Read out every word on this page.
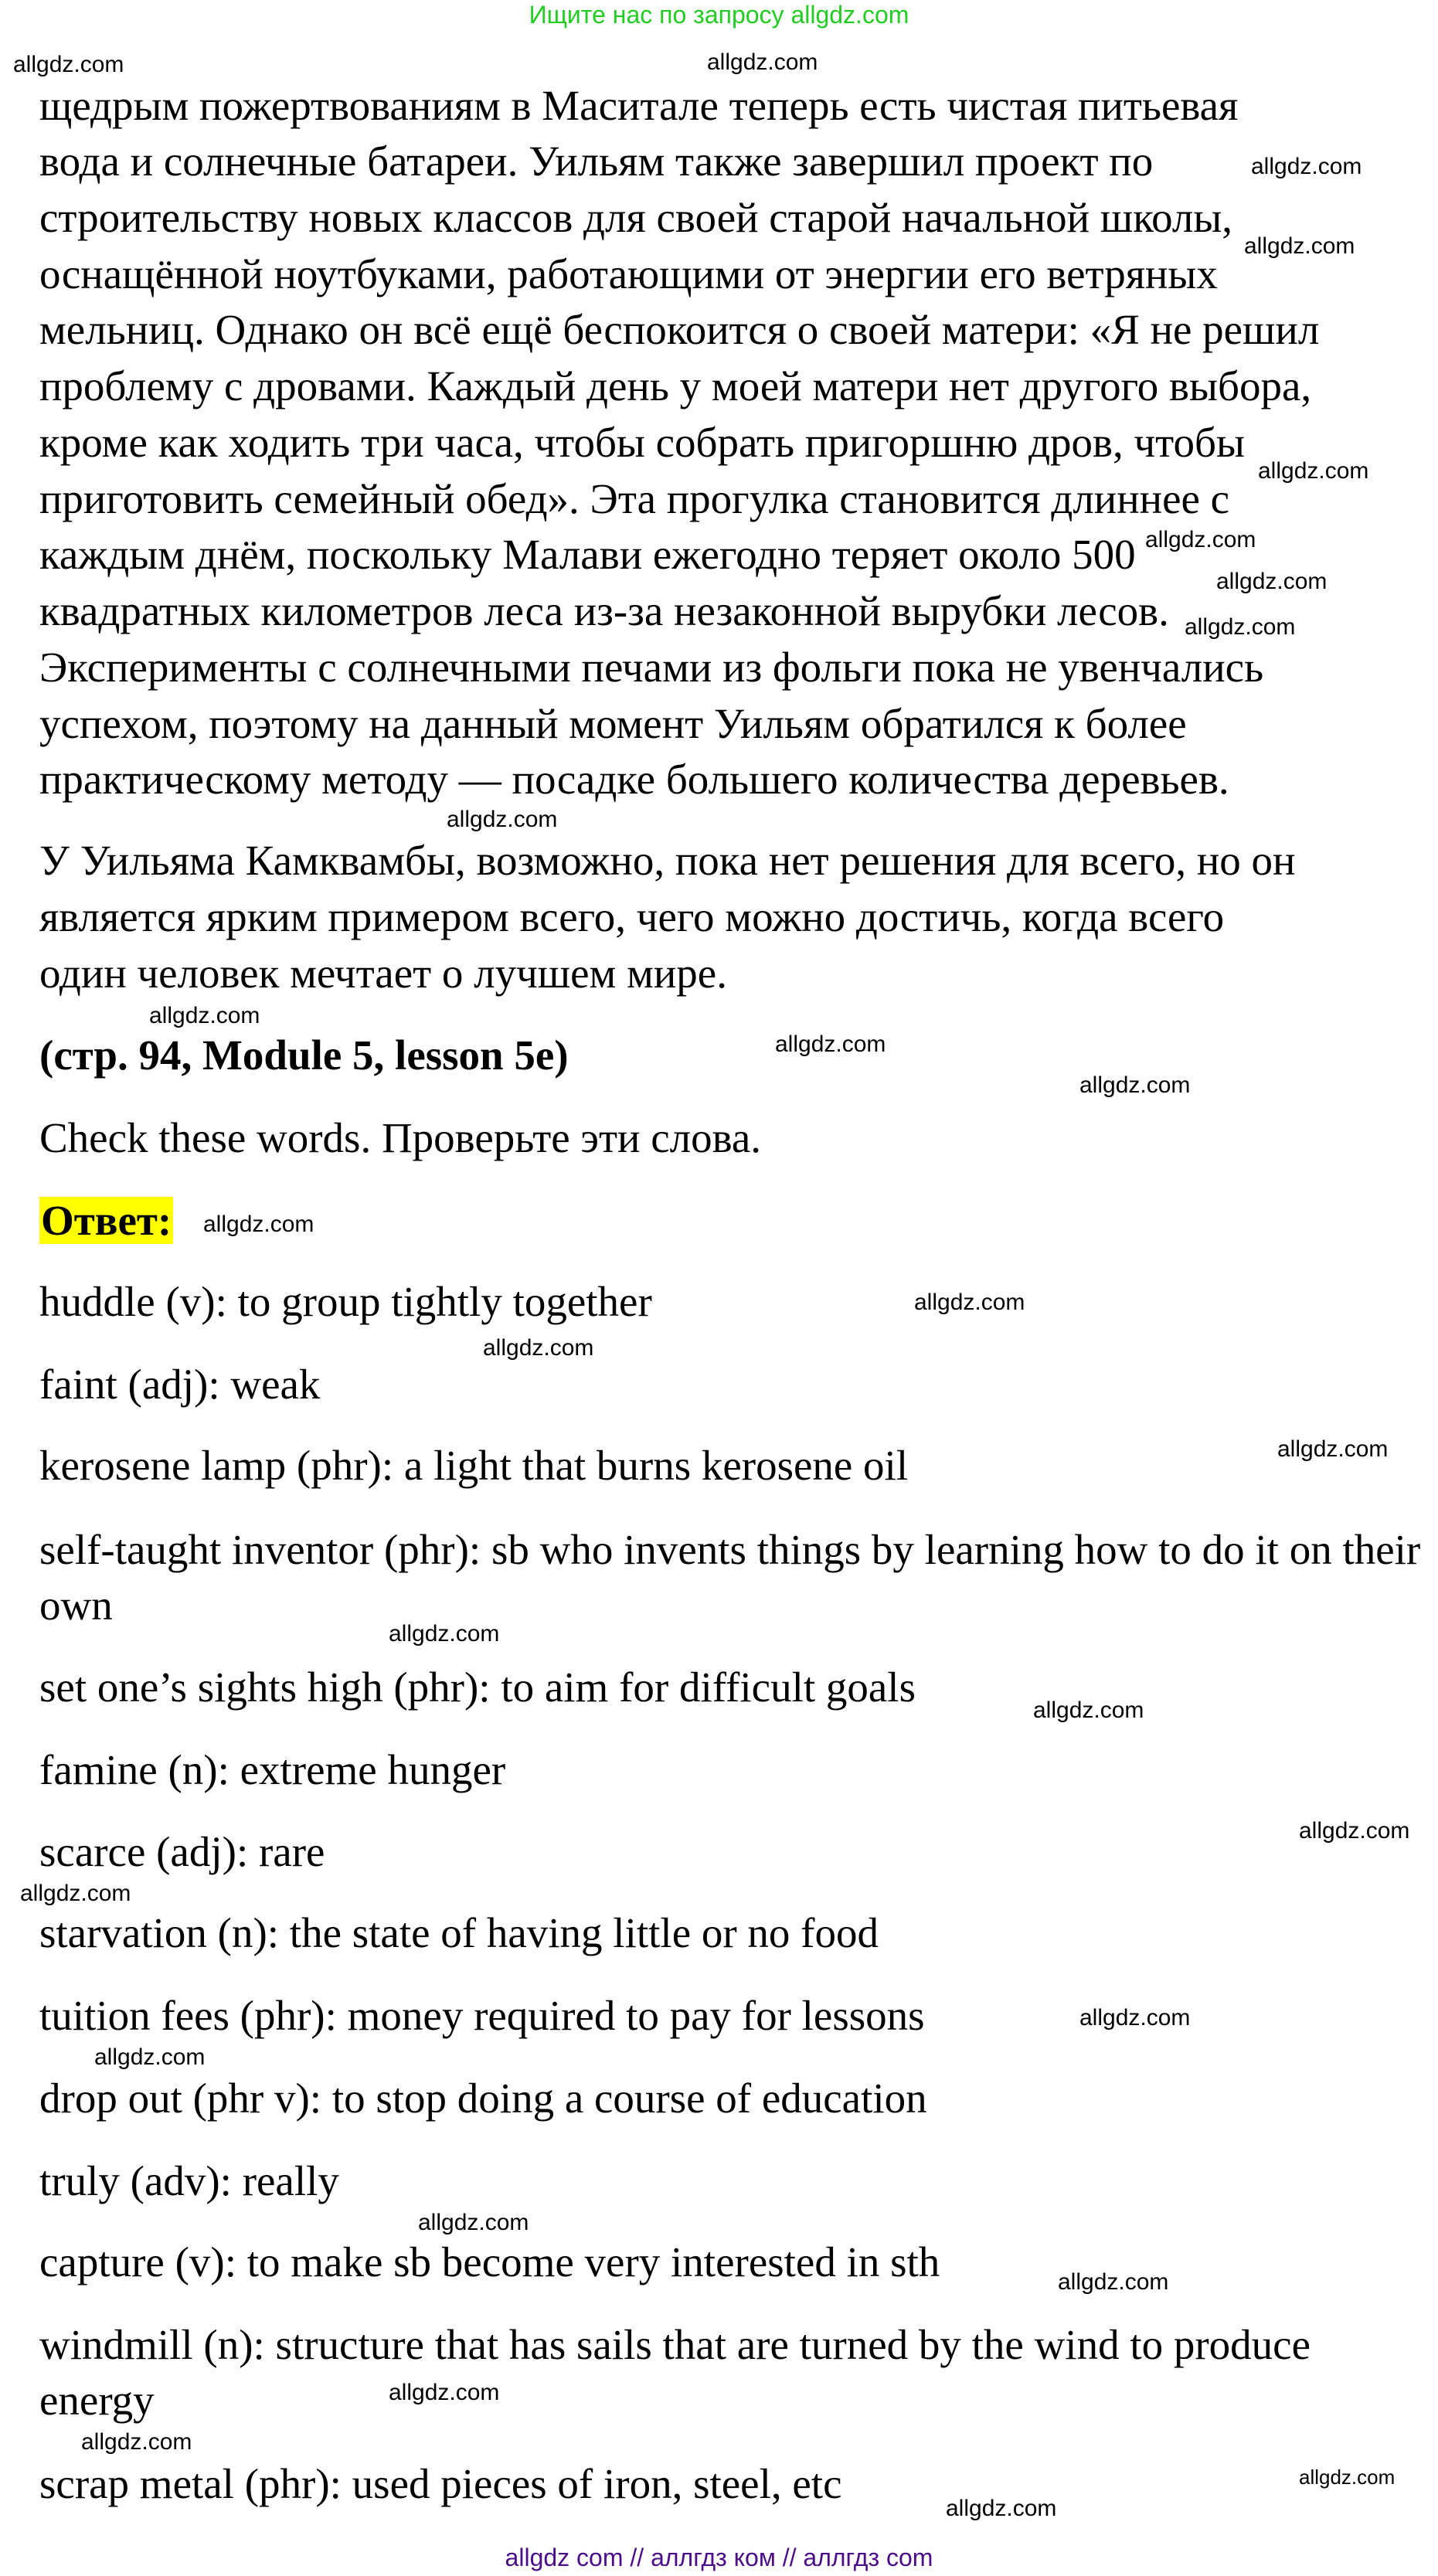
Ищите нас по запросу allgdz.com
щедрым пожертвованиям в Маситале теперь есть чистая питьевая
вода и солнечные батареи. Уильям также завершил проект по
строительству новых классов для своей старой начальной школы,
оснащённой ноутбуками, работающими от энергии его ветряных
мельниц. Однако он всё ещё беспокоится о своей матери: «Я не решил
проблему с дровами. Каждый день у моей матери нет другого выбора,
кроме как ходить три часа, чтобы собрать пригоршню дров, чтобы
приготовить семейный обед». Эта прогулка становится длиннее с
каждым днём, поскольку Малави ежегодно теряет около 500
квадратных километров леса из-за незаконной вырубки лесов.
Эксперименты с солнечными печами из фольги пока не увенчались
успехом, поэтому на данный момент Уильям обратился к более
практическому методу — посадке большего количества деревьев.
У Уильяма Камквамбы, возможно, пока нет решения для всего, но он
является ярким примером всего, чего можно достичь, когда всего
один человек мечтает о лучшем мире.
(стр. 94, Module 5, lesson 5e)
Check these words. Проверьте эти слова.
Ответ:
huddle (v): to group tightly together
faint (adj): weak
kerosene lamp (phr): a light that burns kerosene oil
self-taught inventor (phr): sb who invents things by learning how to do it on their own
set one’s sights high (phr): to aim for difficult goals
famine (n): extreme hunger
scarce (adj): rare
starvation (n): the state of having little or no food
tuition fees (phr): money required to pay for lessons
drop out (phr v): to stop doing a course of education
truly (adv): really
capture (v): to make sb become very interested in sth
windmill (n): structure that has sails that are turned by the wind to produce energy
scrap metal (phr): used pieces of iron, steel, etc
allgdz.com	allgdz.com
allgdz.com
allgdz.com
allgdz.com
allgdz.com
allgdz.com
allgdz.com
allgdz.com
allgdz.com
allgdz.com
allgdz.com
allgdz.com
allgdz.com
allgdz.com
allgdz.com
allgdz.com
allgdz.com
allgdz.com
allgdz.com
allgdz.com
allgdz.com
allgdz.com
allgdz.com
allgdz.com
allgdz.com
allgdz.com
allgdz.com
allgdz com // аллгдз ком // аллгдз com
